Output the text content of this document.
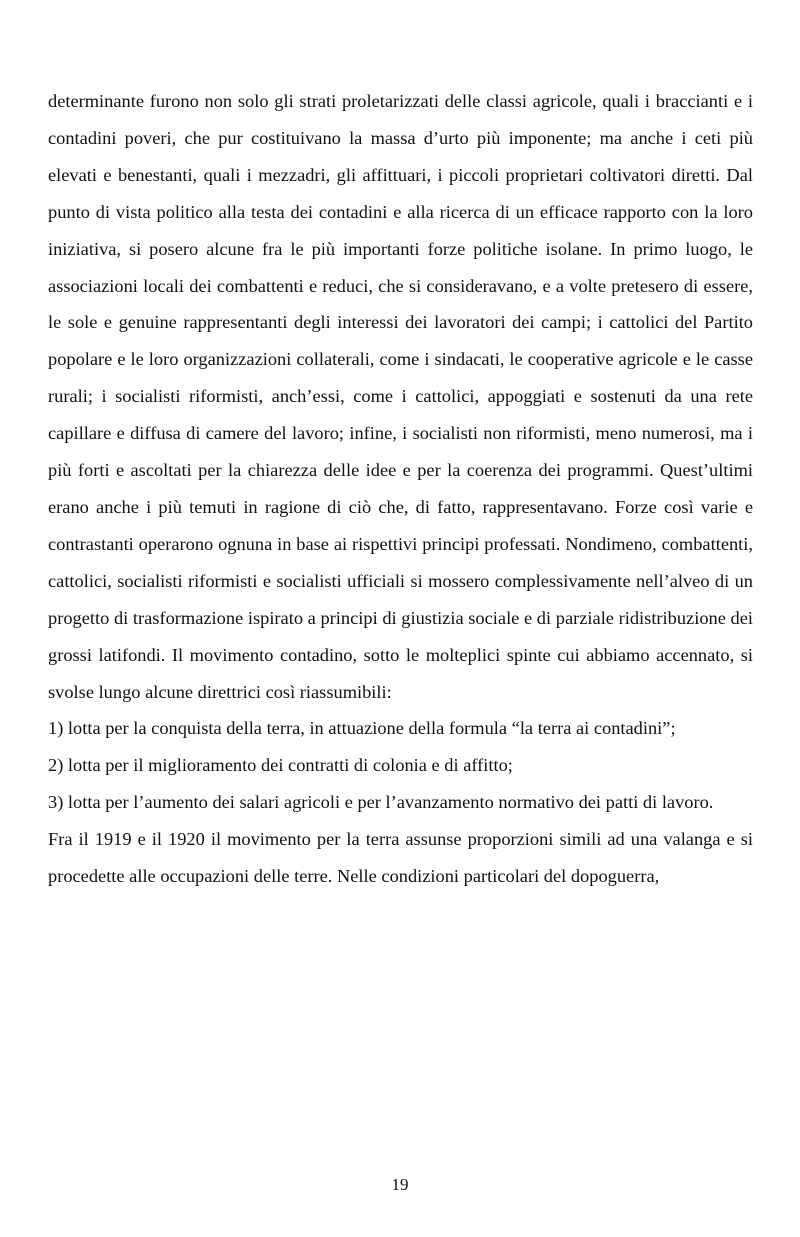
determinante furono non solo gli strati proletarizzati delle classi agricole, quali i braccianti e i contadini poveri, che pur costituivano la massa d’urto più imponente; ma anche i ceti più elevati e benestanti, quali i mezzadri, gli affittuari, i piccoli proprietari coltivatori diretti. Dal punto di vista politico alla testa dei contadini e alla ricerca di un efficace rapporto con la loro iniziativa, si posero alcune fra le più importanti forze politiche isolane. In primo luogo, le associazioni locali dei combattenti e reduci, che si consideravano, e a volte pretesero di essere, le sole e genuine rappresentanti degli interessi dei lavoratori dei campi; i cattolici del Partito popolare e le loro organizzazioni collaterali, come i sindacati, le cooperative agricole e le casse rurali; i socialisti riformisti, anch’essi, come i cattolici, appoggiati e sostenuti da una rete capillare e diffusa di camere del lavoro; infine, i socialisti non riformisti, meno numerosi, ma i più forti e ascoltati per la chiarezza delle idee e per la coerenza dei programmi. Quest’ultimi erano anche i più temuti in ragione di ciò che, di fatto, rappresentavano. Forze così varie e contrastanti operarono ognuna in base ai rispettivi principi professati. Nondimeno, combattenti, cattolici, socialisti riformisti e socialisti ufficiali si mossero complessivamente nell’alveo di un progetto di trasformazione ispirato a principi di giustizia sociale e di parziale ridistribuzione dei grossi latifondi. Il movimento contadino, sotto le molteplici spinte cui abbiamo accennato, si svolse lungo alcune direttrici così riassumibili:

1) lotta per la conquista della terra, in attuazione della formula “la terra ai contadini”;

2) lotta per il miglioramento dei contratti di colonia e di affitto;

3) lotta per l’aumento dei salari agricoli e per l’avanzamento normativo dei patti di lavoro.

Fra il 1919 e il 1920 il movimento per la terra assunse proporzioni simili ad una valanga e si procedette alle occupazioni delle terre. Nelle condizioni particolari del dopoguerra,

19
